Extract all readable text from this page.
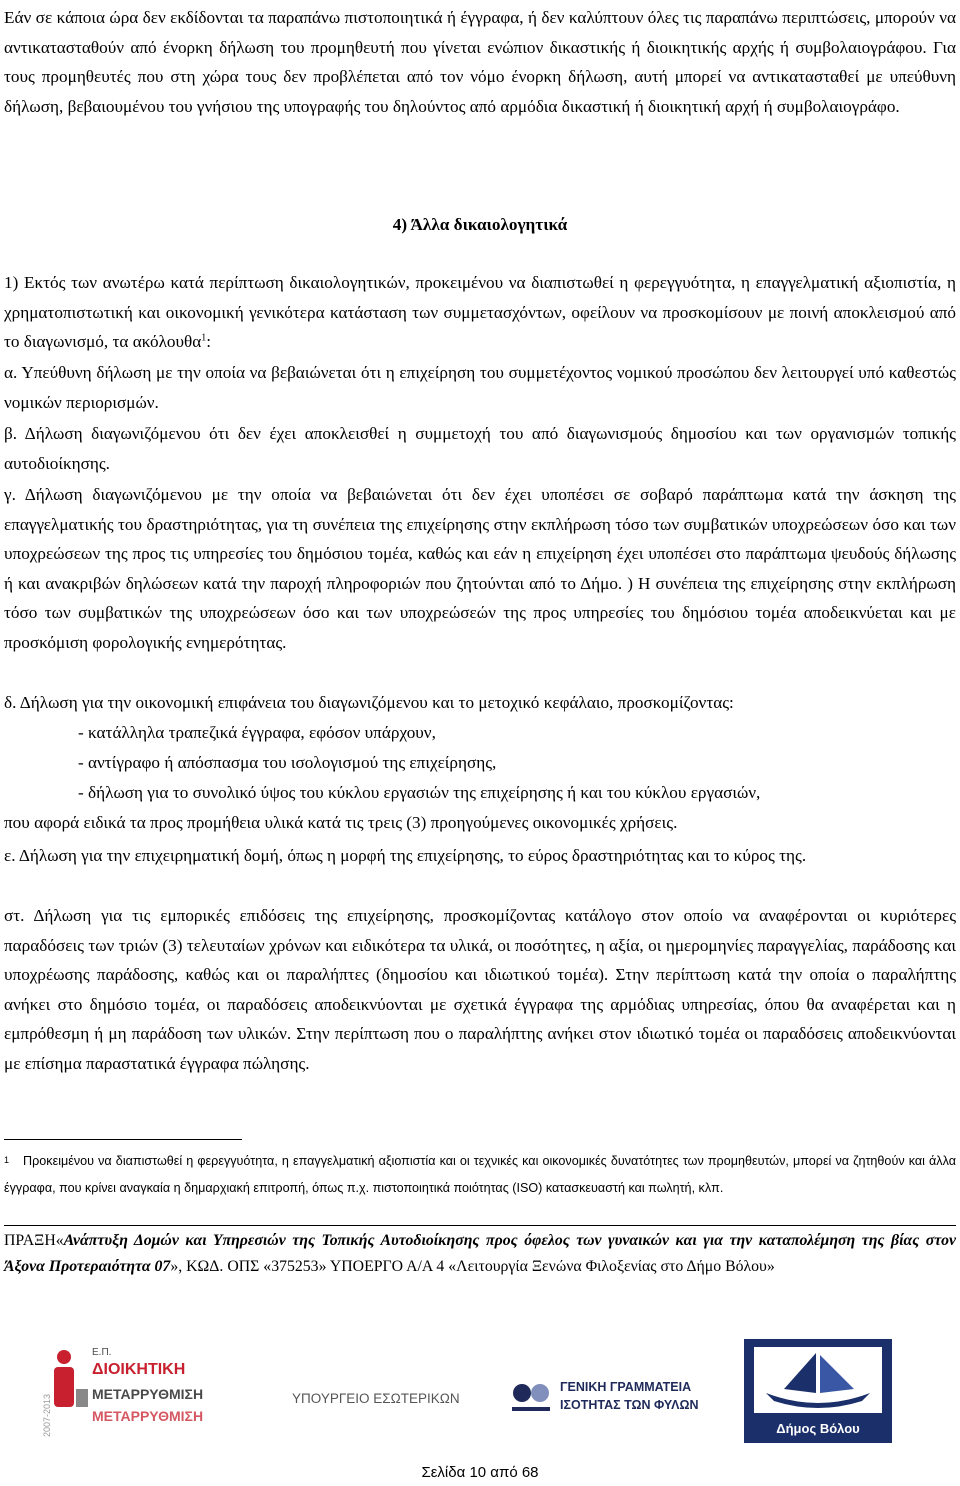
Εάν σε κάποια ώρα δεν εκδίδονται τα παραπάνω πιστοποιητικά ή έγγραφα, ή δεν καλύπτουν όλες τις παραπάνω περιπτώσεις, μπορούν να αντικατασταθούν από ένορκη δήλωση του προμηθευτή που γίνεται ενώπιον δικαστικής ή διοικητικής αρχής ή συμβολαιογράφου. Για τους προμηθευτές που στη χώρα τους δεν προβλέπεται από τον νόμο ένορκη δήλωση, αυτή μπορεί να αντικατασταθεί με υπεύθυνη δήλωση, βεβαιουμένου του γνήσιου της υπογραφής του δηλούντος από αρμόδια δικαστική ή διοικητική αρχή ή συμβολαιογράφο.

4) Άλλα δικαιολογητικά

1) Εκτός των ανωτέρω κατά περίπτωση δικαιολογητικών, προκειμένου να διαπιστωθεί η φερεγγυότητα, η επαγγελματική αξιοπιστία, η χρηματοπιστωτική και οικονομική γενικότερα κατάσταση των συμμετασχόντων, οφείλουν να προσκομίσουν με ποινή αποκλεισμού από το διαγωνισμό, τα ακόλουθα$^1$:

α. Υπεύθυνη δήλωση με την οποία να βεβαιώνεται ότι η επιχείρηση του συμμετέχοντος νομικού προσώπου δεν λειτουργεί υπό καθεστώς νομικών περιορισμών.

β. Δήλωση διαγωνιζόμενου ότι δεν έχει αποκλεισθεί η συμμετοχή του από διαγωνισμούς δημοσίου και των οργανισμών τοπικής αυτοδιοίκησης.

γ. Δήλωση διαγωνιζόμενου με την οποία να βεβαιώνεται ότι δεν έχει υποπέσει σε σοβαρό παράπτωμα κατά την άσκηση της επαγγελματικής του δραστηριότητας, για τη συνέπεια της επιχείρησης στην εκπλήρωση τόσο των συμβατικών υποχρεώσεων όσο και των υποχρεώσεων της προς τις υπηρεσίες του δημόσιου τομέα, καθώς και εάν η επιχείρηση έχει υποπέσει στο παράπτωμα ψευδούς δήλωσης ή και ανακριβών δηλώσεων κατά την παροχή πληροφοριών που ζητούνται από το Δήμο. ) Η συνέπεια της επιχείρησης στην εκπλήρωση τόσο των συμβατικών της υποχρεώσεων όσο και των υποχρεώσεών της προς υπηρεσίες του δημόσιου τομέα αποδεικνύεται και με προσκόμιση φορολογικής ενημερότητας.

δ. Δήλωση για την οικονομική επιφάνεια του διαγωνιζόμενου και το μετοχικό κεφάλαιο, προσκομίζοντας:

- κατάλληλα τραπεζικά έγγραφα, εφόσον υπάρχουν,

- αντίγραφο ή απόσπασμα του ισολογισμού της επιχείρησης,

- δήλωση για το συνολικό ύψος του κύκλου εργασιών της επιχείρησης ή και του κύκλου εργασιών,

που αφορά ειδικά τα προς προμήθεια υλικά κατά τις τρεις (3) προηγούμενες οικονομικές χρήσεις.

ε. Δήλωση για την επιχειρηματική δομή, όπως η μορφή της επιχείρησης, το εύρος δραστηριότητας και το κύρος της.

στ. Δήλωση για τις εμπορικές επιδόσεις της επιχείρησης, προσκομίζοντας κατάλογο στον οποίο να αναφέρονται οι κυριότερες παραδόσεις των τριών (3) τελευταίων χρόνων και ειδικότερα τα υλικά, οι ποσότητες, η αξία, οι ημερομηνίες παραγγελίας, παράδοσης και υποχρέωσης παράδοσης, καθώς και οι παραλήπτες (δημοσίου και ιδιωτικού τομέα). Στην περίπτωση κατά την οποία ο παραλήπτης ανήκει στο δημόσιο τομέα, οι παραδόσεις αποδεικνύονται με σχετικά έγγραφα της αρμόδιας υπηρεσίας, όπου θα αναφέρεται και η εμπρόθεσμη ή μη παράδοση των υλικών. Στην περίπτωση που ο παραλήπτης ανήκει στον ιδιωτικό τομέα οι παραδόσεις αποδεικνύονται με επίσημα παραστατικά έγγραφα πώλησης.

$^1$ Προκειμένου να διαπιστωθεί η φερεγγυότητα, η επαγγελματική αξιοπιστία και οι τεχνικές και οικονομικές δυνατότητες των προμηθευτών, μπορεί να ζητηθούν και άλλα έγγραφα, που κρίνει αναγκαία η δημαρχιακή επιτροπή, όπως π.χ. πιστοποιητικά ποιότητας (ISO) κατασκευαστή και πωλητή, κλπ.

ΠΡΑΞΗ«Ανάπτυξη Δομών και Υπηρεσιών της Τοπικής Αυτοδιοίκησης προς όφελος των γυναικών και για την καταπολέμηση της βίας στον Άξονα Προτεραιότητα 07», ΚΩΔ. ΟΠΣ «375253» ΥΠΟΕΡΓΟ Α/Α 4 «Λειτουργία Ξενώνα Φιλοξενίας στο Δήμο Βόλου»

2007-2013
Ε.Π.
ΔΙΟΙΚΗΤΙΚΗ
ΜΕΤΑΡΡΥΘΜΙΣΗ
ΜΕΤΑΡΡΥΘΜΙΣΗ
ΥΠΟΥΡΓΕΙΟ ΕΣΩΤΕΡΙΚΩΝ
ΓΕΝΙΚΗ ΓΡΑΜΜΑΤΕΙΑ
ΙΣΟΤΗΤΑΣ ΤΩΝ ΦΥΛΩΝ
Δήμος Βόλου
Σελίδα 10 από 68
